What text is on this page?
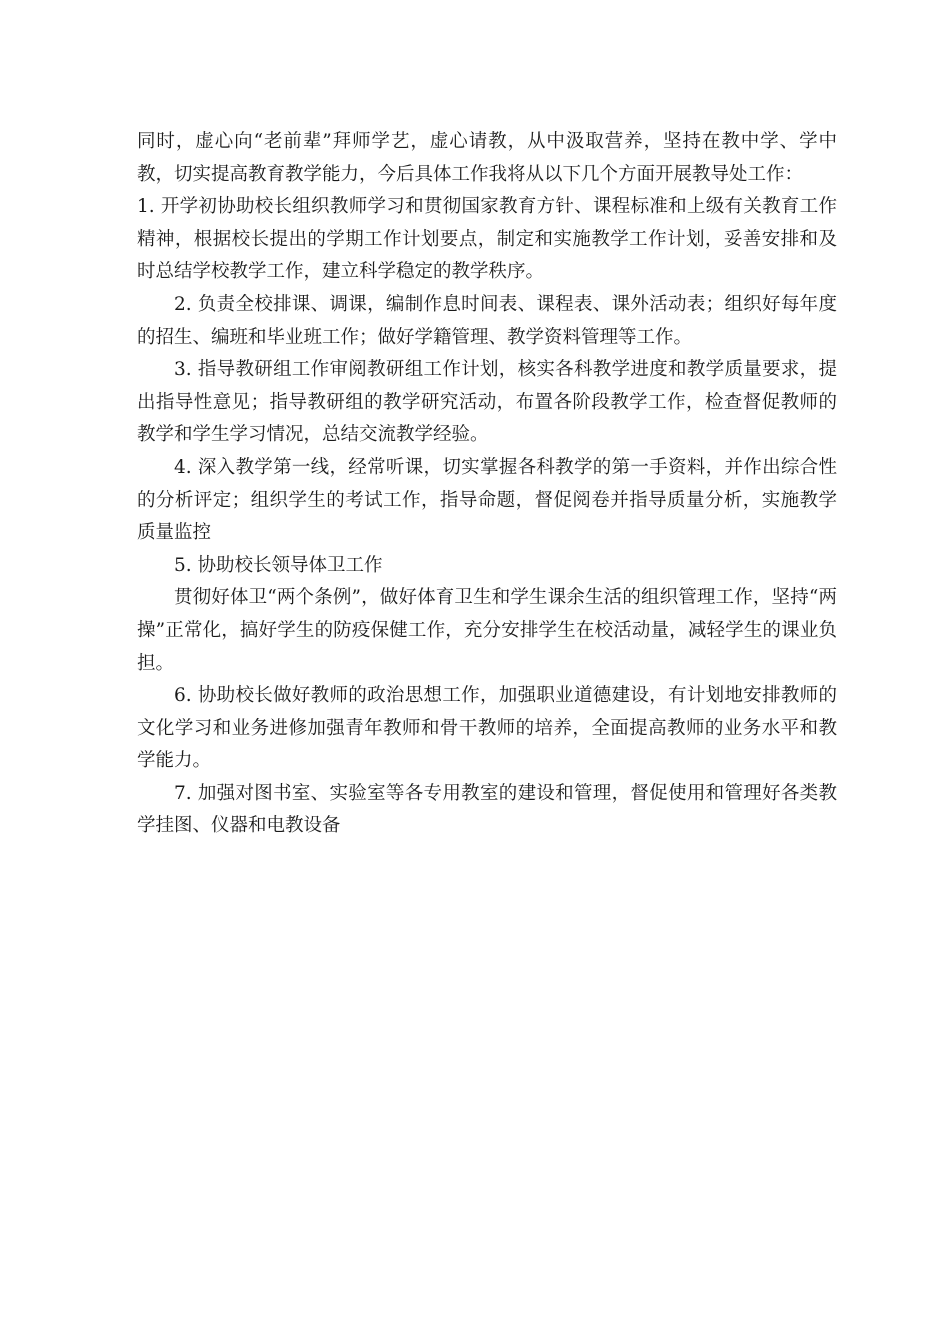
同时，虚心向“老前辈”拜师学艺，虚心请教，从中汲取营养，坚持在教中学、学中教，切实提高教育教学能力，今后具体工作我将从以下几个方面开展教导处工作：

1. 开学初协助校长组织教师学习和贯彻国家教育方针、课程标准和上级有关教育工作精神，根据校长提出的学期工作计划要点，制定和实施教学工作计划，妥善安排和及时总结学校教学工作，建立科学稳定的教学秩序。

2. 负责全校排课、调课，编制作息时间表、课程表、课外活动表；组织好每年度的招生、编班和毕业班工作；做好学籍管理、教学资料管理等工作。

3. 指导教研组工作审阅教研组工作计划，核实各科教学进度和教学质量要求，提出指导性意见；指导教研组的教学研究活动，布置各阶段教学工作，检查督促教师的教学和学生学习情况，总结交流教学经验。

4. 深入教学第一线，经常听课，切实掌握各科教学的第一手资料，并作出综合性的分析评定；组织学生的考试工作，指导命题，督促阅卷并指导质量分析，实施教学质量监控

5. 协助校长领导体卫工作

贯彻好体卫“两个条例”，做好体育卫生和学生课余生活的组织管理工作，坚持“两操”正常化，搞好学生的防疫保健工作，充分安排学生在校活动量，减轻学生的课业负担。

6. 协助校长做好教师的政治思想工作，加强职业道德建设，有计划地安排教师的文化学习和业务进修加强青年教师和骨干教师的培养，全面提高教师的业务水平和教学能力。

7. 加强对图书室、实验室等各专用教室的建设和管理，督促使用和管理好各类教学挂图、仪器和电教设备
